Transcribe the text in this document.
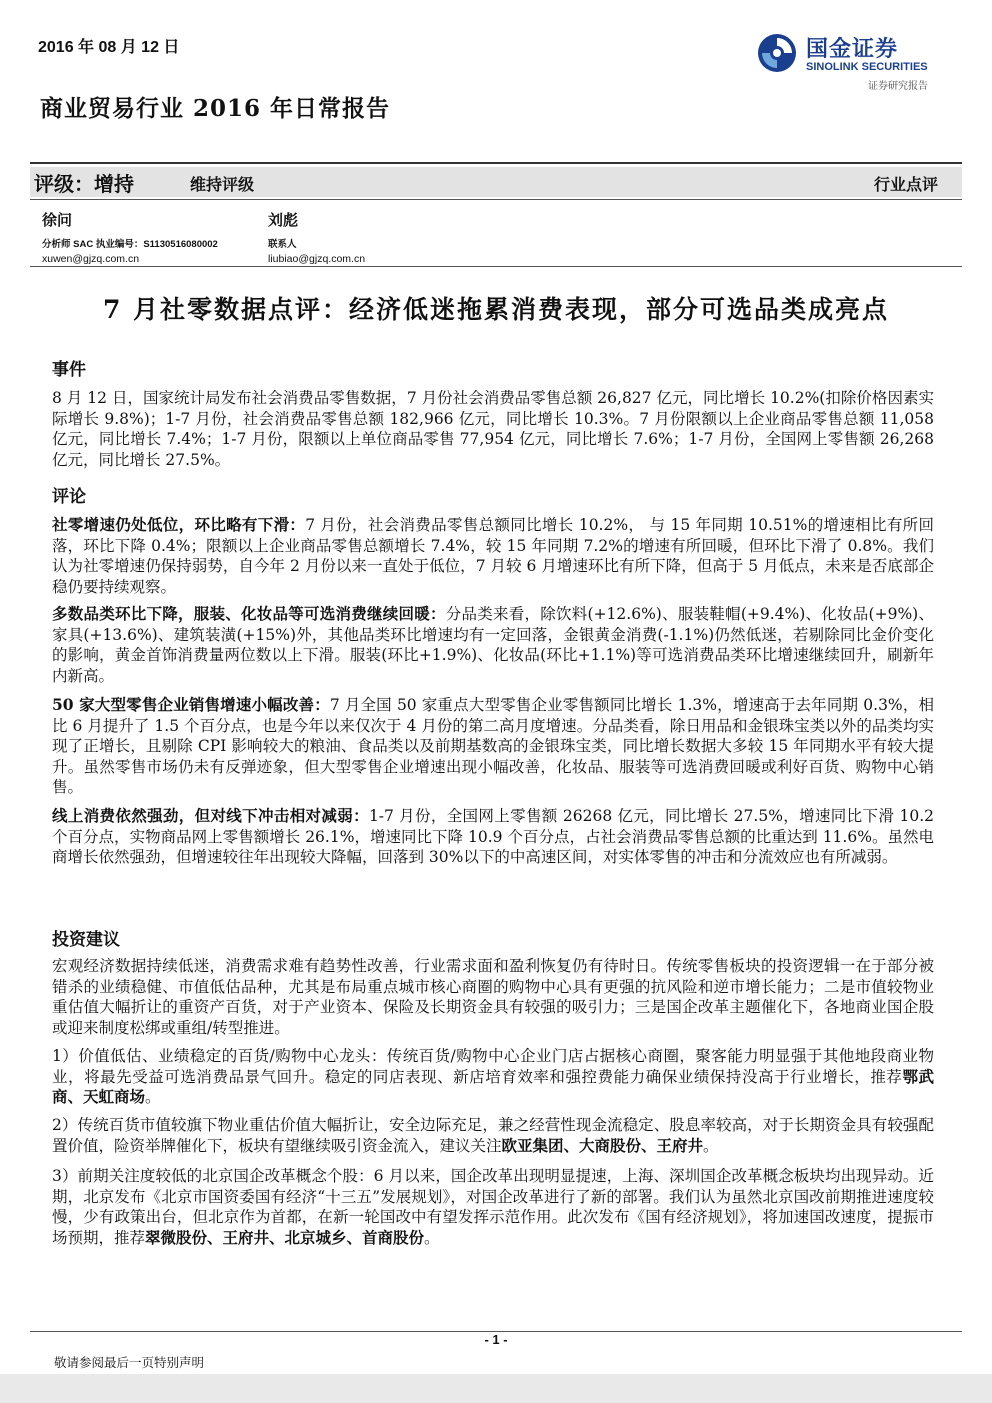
2016 年 08 月 12 日	国金证券
SINOLINK SECURITIES
证券研究报告
商业贸易行业 2016 年日常报告
评级：增持	维持评级	行业点评
徐问
分析师 SAC 执业编号：S1130516080002
xuwen@gjzq.com.cn
刘彪
联系人
liubiao@gjzq.com.cn
7 月社零数据点评：经济低迷拖累消费表现，部分可选品类成亮点
事件
8 月 12 日，国家统计局发布社会消费品零售数据，7 月份社会消费品零售总额 26,827 亿元，同比增长 10.2%(扣除价格因素实际增长 9.8%)；1-7 月份，社会消费品零售总额 182,966 亿元，同比增长 10.3%。7 月份限额以上企业商品零售总额 11,058 亿元，同比增长 7.4%；1-7 月份，限额以上单位商品零售 77,954 亿元，同比增长 7.6%；1-7 月份，全国网上零售额 26,268 亿元，同比增长 27.5%。
评论
社零增速仍处低位，环比略有下滑：7 月份，社会消费品零售总额同比增长 10.2%， 与 15 年同期 10.51%的增速相比有所回落，环比下降 0.4%；限额以上企业商品零售总额增长 7.4%，较 15 年同期 7.2%的增速有所回暖，但环比下滑了 0.8%。我们认为社零增速仍保持弱势，自今年 2 月份以来一直处于低位，7 月较 6 月增速环比有所下降，但高于 5 月低点，未来是否底部企稳仍要持续观察。
多数品类环比下降，服装、化妆品等可选消费继续回暖：分品类来看，除饮料(+12.6%)、服装鞋帽(+9.4%)、化妆品(+9%)、家具(+13.6%)、建筑装潢(+15%)外，其他品类环比增速均有一定回落，金银黄金消费(-1.1%)仍然低迷，若剔除同比金价变化的影响，黄金首饰消费量两位数以上下滑。服装(环比+1.9%)、化妆品(环比+1.1%)等可选消费品类环比增速继续回升，刷新年内新高。
50 家大型零售企业销售增速小幅改善：7 月全国 50 家重点大型零售企业零售额同比增长 1.3%，增速高于去年同期 0.3%，相比 6 月提升了 1.5 个百分点，也是今年以来仅次于 4 月份的第二高月度增速。分品类看，除日用品和金银珠宝类以外的品类均实现了正增长，且剔除 CPI 影响较大的粮油、食品类以及前期基数高的金银珠宝类，同比增长数据大多较 15 年同期水平有较大提升。虽然零售市场仍未有反弹迹象，但大型零售企业增速出现小幅改善，化妆品、服装等可选消费回暖或利好百货、购物中心销售。
线上消费依然强劲，但对线下冲击相对减弱：1-7 月份，全国网上零售额 26268 亿元，同比增长 27.5%，增速同比下滑 10.2 个百分点，实物商品网上零售额增长 26.1%，增速同比下降 10.9 个百分点，占社会消费品零售总额的比重达到 11.6%。虽然电商增长依然强劲，但增速较往年出现较大降幅，回落到 30%以下的中高速区间，对实体零售的冲击和分流效应也有所减弱。
投资建议
宏观经济数据持续低迷，消费需求难有趋势性改善，行业需求面和盈利恢复仍有待时日。传统零售板块的投资逻辑一在于部分被错杀的业绩稳健、市值低估品种，尤其是布局重点城市核心商圈的购物中心具有更强的抗风险和逆市增长能力；二是市值较物业重估值大幅折让的重资产百货，对于产业资本、保险及长期资金具有较强的吸引力；三是国企改革主题催化下，各地商业国企股或迎来制度松绑或重组/转型推进。
1）价值低估、业绩稳定的百货/购物中心龙头：传统百货/购物中心企业门店占据核心商圈，聚客能力明显强于其他地段商业物业，将最先受益可选消费品景气回升。稳定的同店表现、新店培育效率和强控费能力确保业绩保持没高于行业增长，推荐鄂武商、天虹商场。
2）传统百货市值较旗下物业重估价值大幅折让，安全边际充足，兼之经营性现金流稳定、股息率较高，对于长期资金具有较强配置价值，险资举牌催化下，板块有望继续吸引资金流入，建议关注欧亚集团、大商股份、王府井。
3）前期关注度较低的北京国企改革概念个股：6 月以来，国企改革出现明显提速，上海、深圳国企改革概念板块均出现异动。近期，北京发布《北京市国资委国有经济“十三五”发展规划》，对国企改革进行了新的部署。我们认为虽然北京国改前期推进速度较慢，少有政策出台，但北京作为首都，在新一轮国改中有望发挥示范作用。此次发布《国有经济规划》，将加速国改速度，提振市场预期，推荐翠微股份、王府井、北京城乡、首商股份。
- 1 -
敬请参阅最后一页特别声明
